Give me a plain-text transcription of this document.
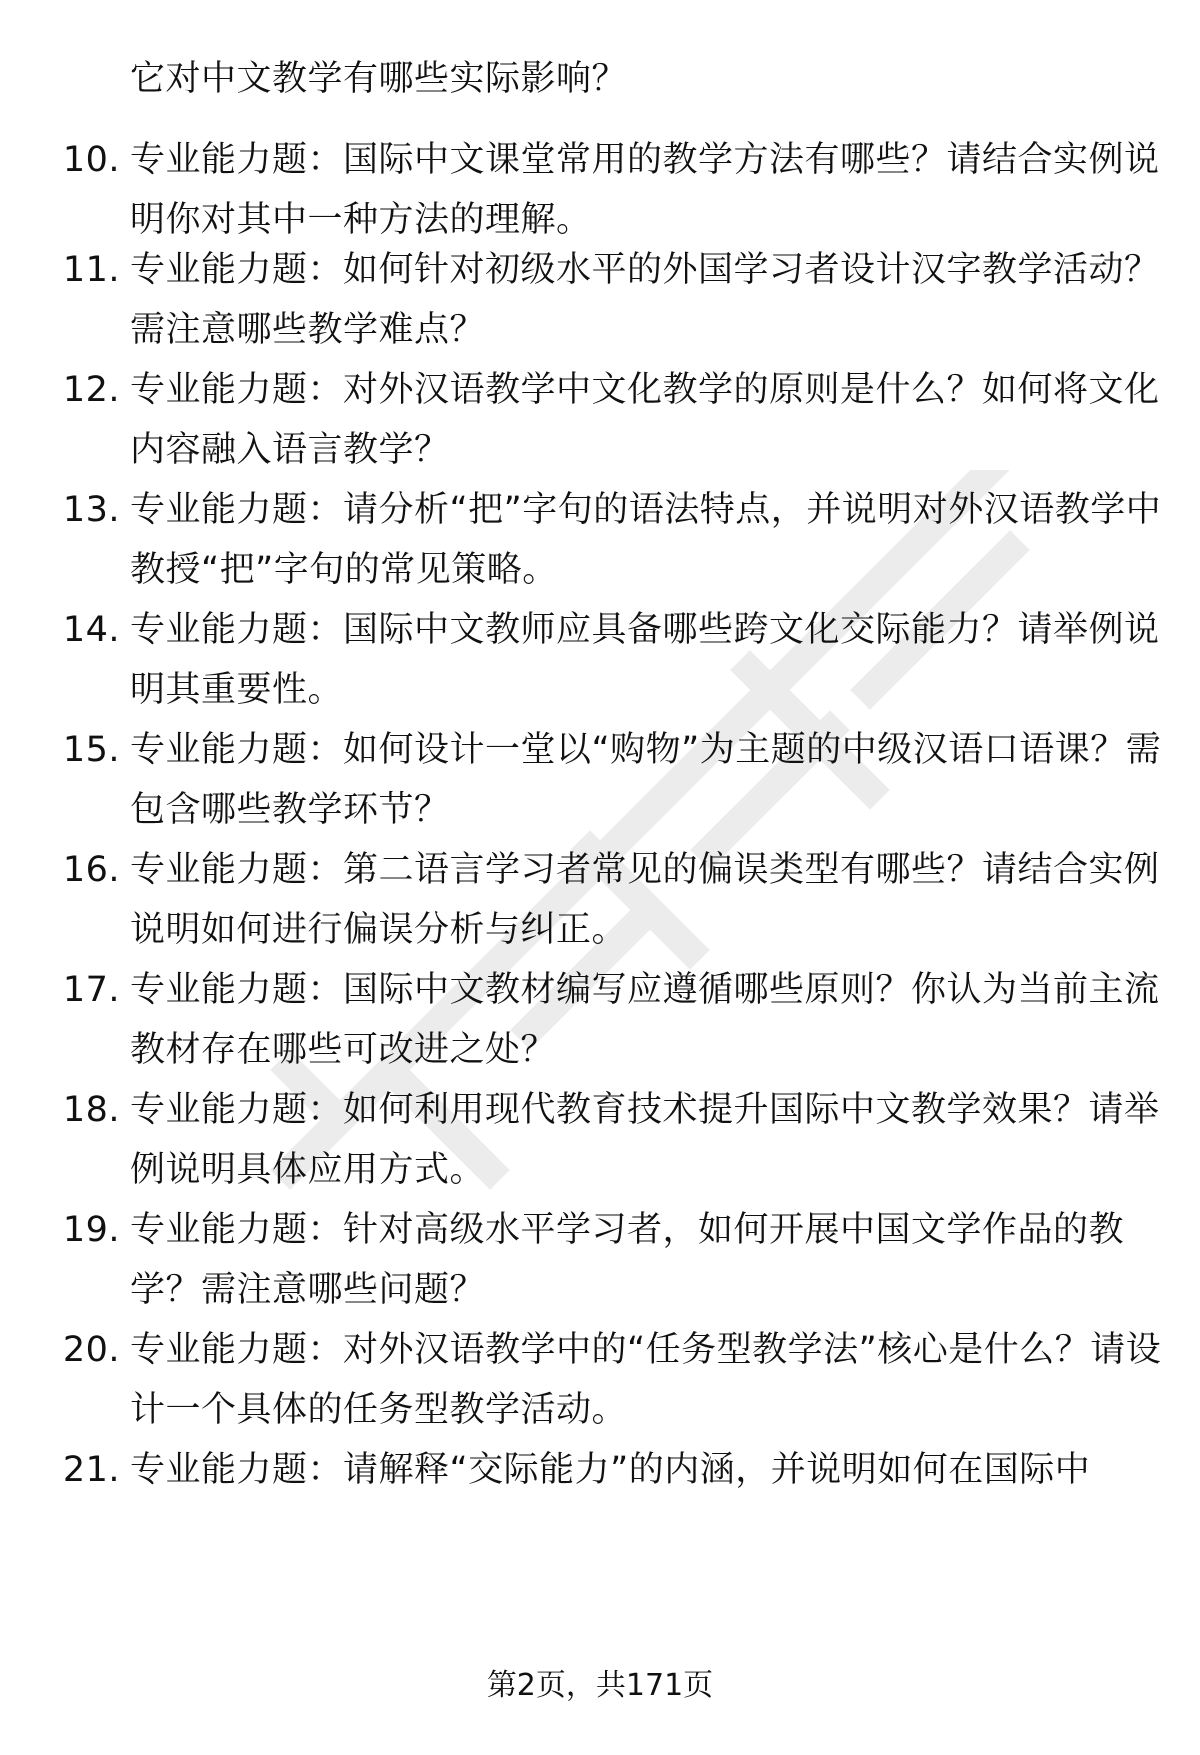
它对中文教学有哪些实际影响？
10. 专业能力题：国际中文课堂常用的教学方法有哪些？请结合实例说明你对其中一种方法的理解。
11. 专业能力题：如何针对初级水平的外国学习者设计汉字教学活动？需注意哪些教学难点？
12. 专业能力题：对外汉语教学中文化教学的原则是什么？如何将文化内容融入语言教学？
13. 专业能力题：请分析“把”字句的语法特点，并说明对外汉语教学中教授“把”字句的常见策略。
14. 专业能力题：国际中文教师应具备哪些跨文化交际能力？请举例说明其重要性。
15. 专业能力题：如何设计一堂以“购物”为主题的中级汉语口语课？需包含哪些教学环节？
16. 专业能力题：第二语言学习者常见的偏误类型有哪些？请结合实例说明如何进行偏误分析与纠正。
17. 专业能力题：国际中文教材编写应遵循哪些原则？你认为当前主流教材存在哪些可改进之处？
18. 专业能力题：如何利用现代教育技术提升国际中文教学效果？请举例说明具体应用方式。
19. 专业能力题：针对高级水平学习者，如何开展中国文学作品的教学？需注意哪些问题？
20. 专业能力题：对外汉语教学中的“任务型教学法”核心是什么？请设计一个具体的任务型教学活动。
21. 专业能力题：请解释“交际能力”的内涵，并说明如何在国际中
第2页，共171页
